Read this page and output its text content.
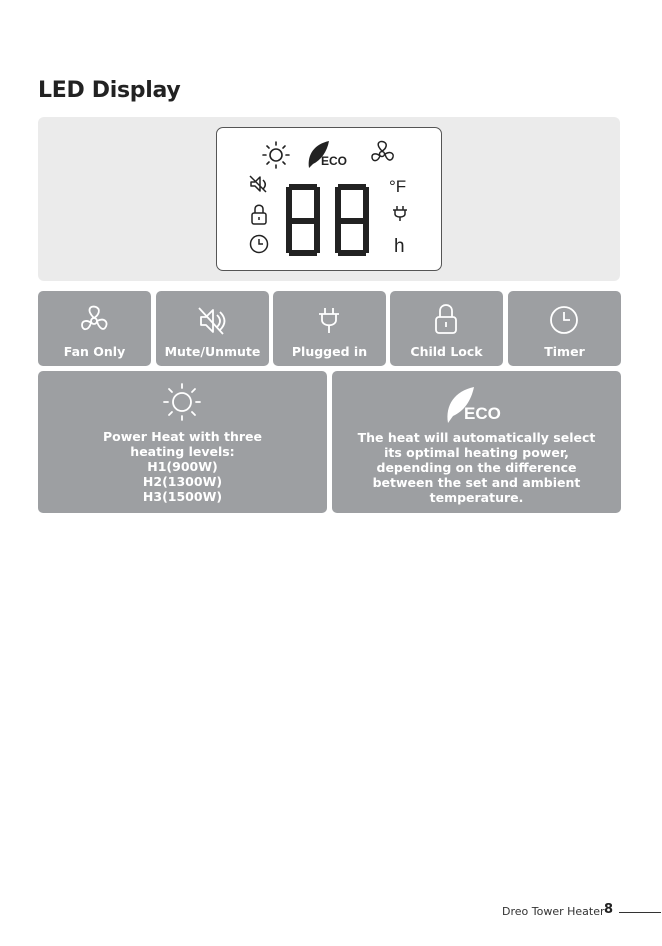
LED Display
ECO
°F
h
Fan Only	Mute/Unmute	Plugged in	Child Lock	Timer
Power Heat with three
heating levels:
H1(900W)
H2(1300W)
H3(1500W)
ECO
The heat will automatically select
its optimal heating power,
depending on the difference
between the set and ambient
temperature.
Dreo Tower Heater 8
